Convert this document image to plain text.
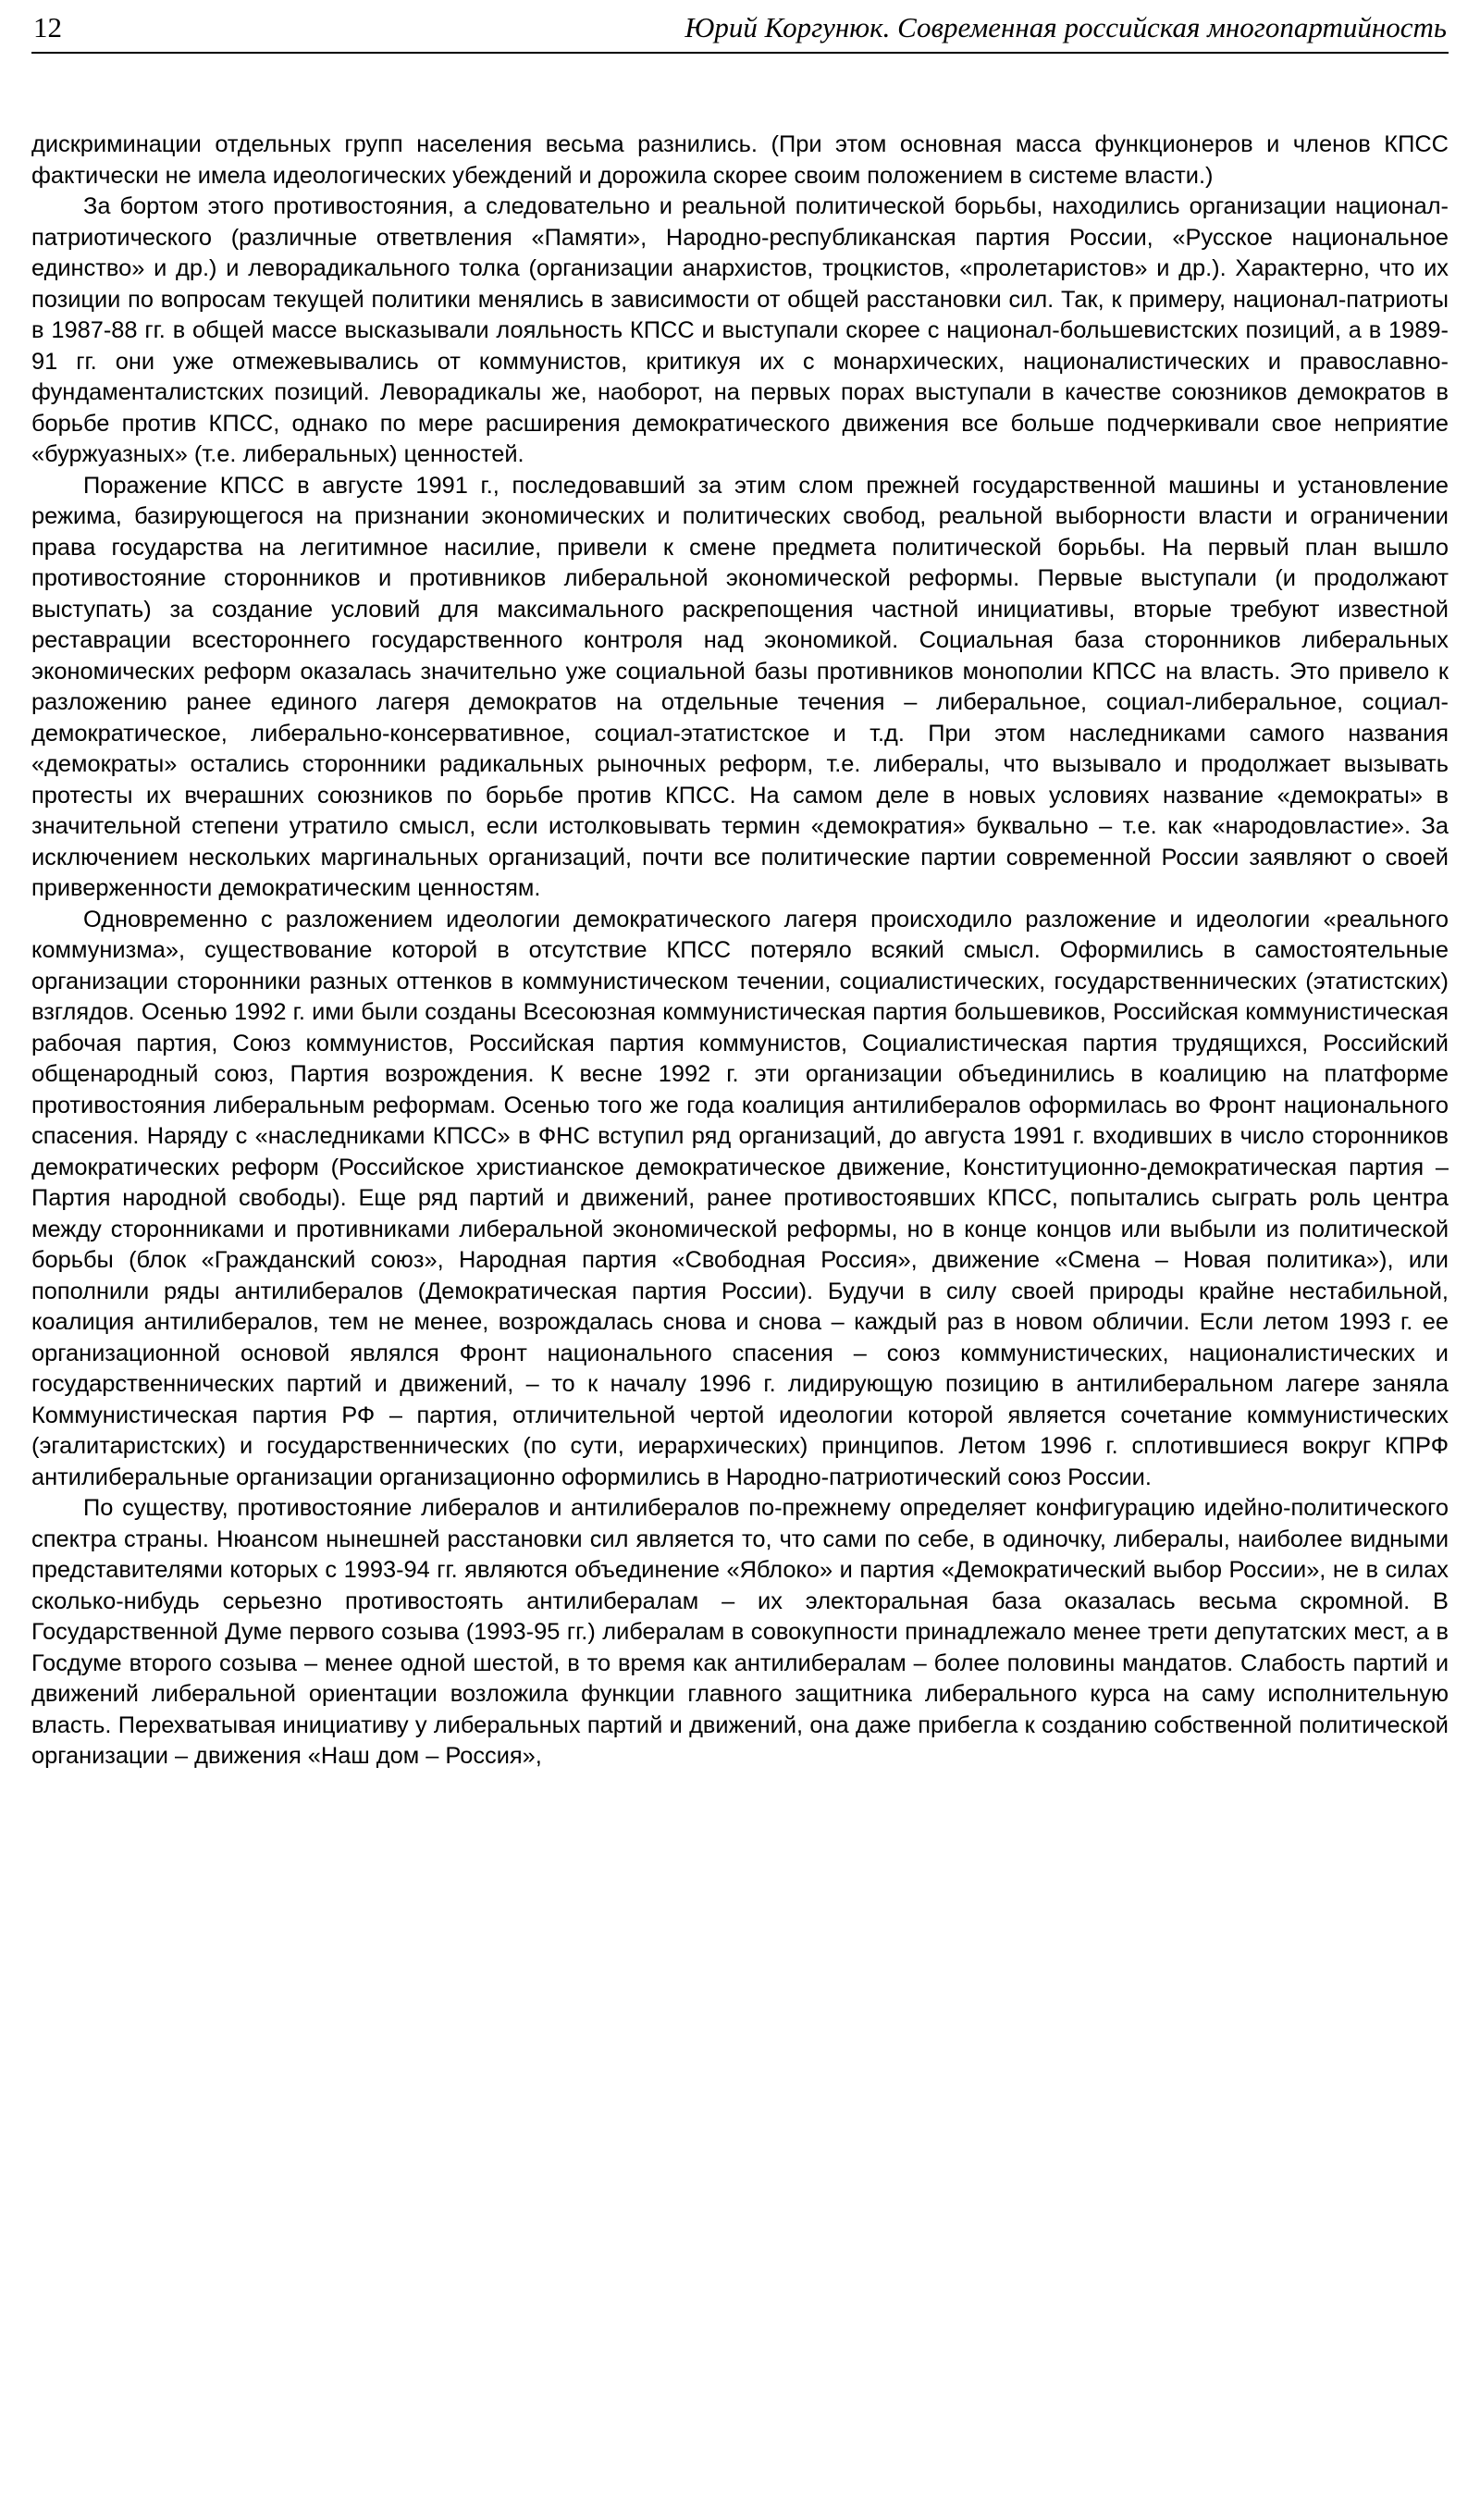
12	Юрий Коргунюк. Современная российская многопартийность

дискриминации отдельных групп населения весьма разнились. (При этом основная масса функционеров и членов КПСС фактически не имела идеологических убеждений и дорожила скорее своим положением в системе власти.)

За бортом этого противостояния, а следовательно и реальной политической борьбы, находились организации национал-патриотического (различные ответвления «Памяти», Народно-республиканская партия России, «Русское национальное единство» и др.) и леворадикального толка (организации анархистов, троцкистов, «пролетаристов» и др.). Характерно, что их позиции по вопросам текущей политики менялись в зависимости от общей расстановки сил. Так, к примеру, национал-патриоты в 1987-88 гг. в общей массе высказывали лояльность КПСС и выступали скорее с национал-большевистских позиций, а в 1989-91 гг. они уже отмежевывались от коммунистов, критикуя их с монархических, националистических и православно-фундаменталистских позиций. Леворадикалы же, наоборот, на первых порах выступали в качестве союзников демократов в борьбе против КПСС, однако по мере расширения демократического движения все больше подчеркивали свое неприятие «буржуазных» (т.е. либеральных) ценностей.

Поражение КПСС в августе 1991 г., последовавший за этим слом прежней государственной машины и установление режима, базирующегося на признании экономических и политических свобод, реальной выборности власти и ограничении права государства на легитимное насилие, привели к смене предмета политической борьбы. На первый план вышло противостояние сторонников и противников либеральной экономической реформы. Первые выступали (и продолжают выступать) за создание условий для максимального раскрепощения частной инициативы, вторые требуют известной реставрации всестороннего государственного контроля над экономикой. Социальная база сторонников либеральных экономических реформ оказалась значительно уже социальной базы противников монополии КПСС на власть. Это привело к разложению ранее единого лагеря демократов на отдельные течения – либеральное, социал-либеральное, социал-демократическое, либерально-консервативное, социал-этатистское и т.д. При этом наследниками самого названия «демократы» остались сторонники радикальных рыночных реформ, т.е. либералы, что вызывало и продолжает вызывать протесты их вчерашних союзников по борьбе против КПСС. На самом деле в новых условиях название «демократы» в значительной степени утратило смысл, если истолковывать термин «демократия» буквально – т.е. как «народовластие». За исключением нескольких маргинальных организаций, почти все политические партии современной России заявляют о своей приверженности демократическим ценностям.

Одновременно с разложением идеологии демократического лагеря происходило разложение и идеологии «реального коммунизма», существование которой в отсутствие КПСС потеряло всякий смысл. Оформились в самостоятельные организации сторонники разных оттенков в коммунистическом течении, социалистических, государственнических (этатистских) взглядов. Осенью 1992 г. ими были созданы Всесоюзная коммунистическая партия большевиков, Российская коммунистическая рабочая партия, Союз коммунистов, Российская партия коммунистов, Социалистическая партия трудящихся, Российский общенародный союз, Партия возрождения. К весне 1992 г. эти организации объединились в коалицию на платформе противостояния либеральным реформам. Осенью того же года коалиция антилибералов оформилась во Фронт национального спасения. Наряду с «наследниками КПСС» в ФНС вступил ряд организаций, до августа 1991 г. входивших в число сторонников демократических реформ (Российское христианское демократическое движение, Конституционно-демократическая партия – Партия народной свободы). Еще ряд партий и движений, ранее противостоявших КПСС, попытались сыграть роль центра между сторонниками и противниками либеральной экономической реформы, но в конце концов или выбыли из политической борьбы (блок «Гражданский союз», Народная партия «Свободная Россия», движение «Смена – Новая политика»), или пополнили ряды антилибералов (Демократическая партия России). Будучи в силу своей природы крайне нестабильной, коалиция антилибералов, тем не менее, возрождалась снова и снова – каждый раз в новом обличии. Если летом 1993 г. ее организационной основой являлся Фронт национального спасения – союз коммунистических, националистических и государственнических партий и движений, – то к началу 1996 г. лидирующую позицию в антилиберальном лагере заняла Коммунистическая партия РФ – партия, отличительной чертой идеологии которой является сочетание коммунистических (эгалитаристских) и государственнических (по сути, иерархических) принципов. Летом 1996 г. сплотившиеся вокруг КПРФ антилиберальные организации организационно оформились в Народно-патриотический союз России.

По существу, противостояние либералов и антилибералов по-прежнему определяет конфигурацию идейно-политического спектра страны. Нюансом нынешней расстановки сил является то, что сами по себе, в одиночку, либералы, наиболее видными представителями которых с 1993-94 гг. являются объединение «Яблоко» и партия «Демократический выбор России», не в силах сколько-нибудь серьезно противостоять антилибералам – их электоральная база оказалась весьма скромной. В Государственной Думе первого созыва (1993-95 гг.) либералам в совокупности принадлежало менее трети депутатских мест, а в Госдуме второго созыва – менее одной шестой, в то время как антилибералам – более половины мандатов. Слабость партий и движений либеральной ориентации возложила функции главного защитника либерального курса на саму исполнительную власть. Перехватывая инициативу у либеральных партий и движений, она даже прибегла к созданию собственной политической организации – движения «Наш дом – Россия»,
